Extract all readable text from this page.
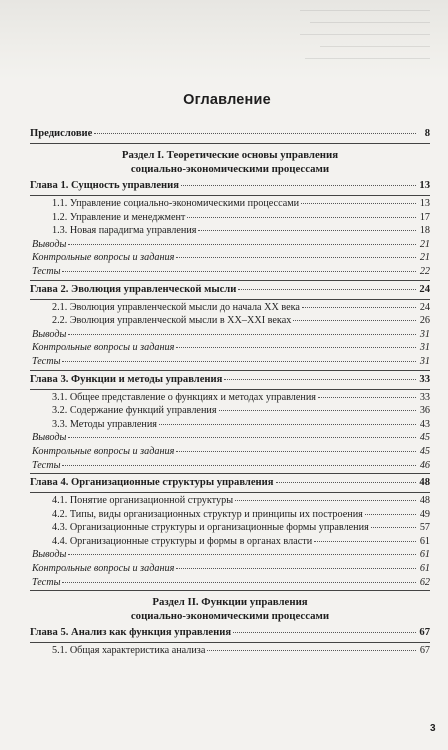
Оглавление
Предисловие	8
Раздел I. Теоретические основы управления
социально-экономическими процессами
Глава 1. Сущность управления	13
1.1. Управление социально-экономическими процессами	13
1.2. Управление и менеджмент	17
1.3. Новая парадигма управления	18
Выводы	21
Контрольные вопросы и задания	21
Тесты	22
Глава 2. Эволюция управленческой мысли	24
2.1. Эволюция управленческой мысли до начала XX века	24
2.2. Эволюция управленческой мысли в XX–XXI веках	26
Выводы	31
Контрольные вопросы и задания	31
Тесты	31
Глава 3. Функции и методы управления	33
3.1. Общее представление о функциях и методах управления	33
3.2. Содержание функций управления	36
3.3. Методы управления	43
Выводы	45
Контрольные вопросы и задания	45
Тесты	46
Глава 4. Организационные структуры управления	48
4.1. Понятие организационной структуры	48
4.2. Типы, виды организационных структур и принципы их построения	49
4.3. Организационные структуры и организационные формы управления	57
4.4. Организационные структуры и формы в органах власти	61
Выводы	61
Контрольные вопросы и задания	61
Тесты	62
Раздел II. Функции управления
социально-экономическими процессами
Глава 5. Анализ как функция управления	67
5.1. Общая характеристика анализа	67
3
